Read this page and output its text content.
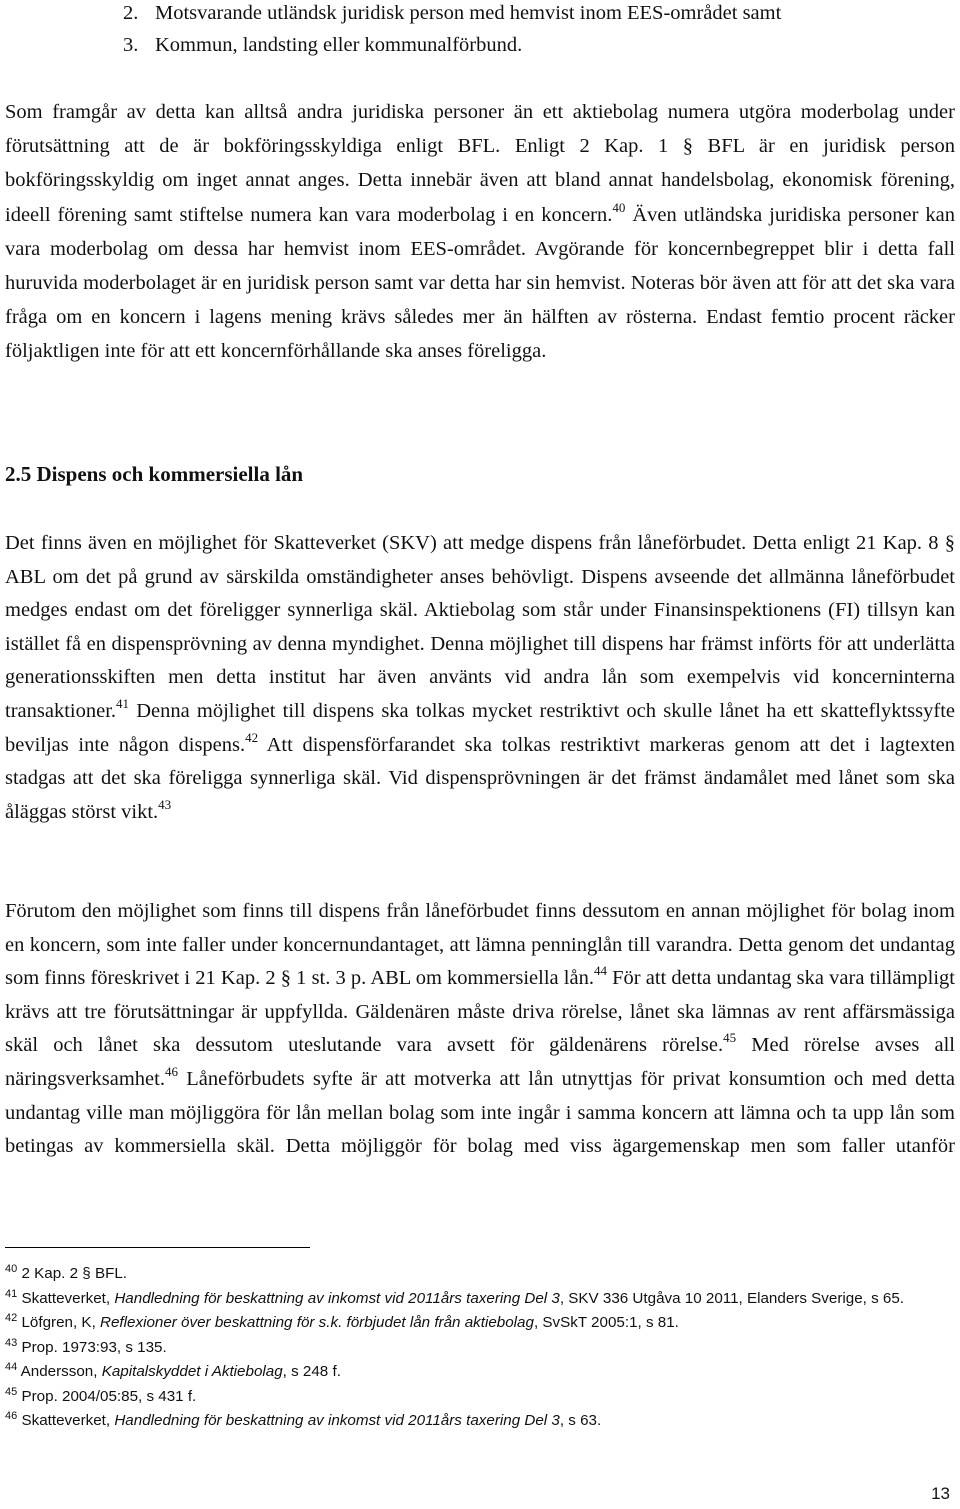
2. Motsvarande utländsk juridisk person med hemvist inom EES-området samt
3. Kommun, landsting eller kommunalförbund.

Som framgår av detta kan alltså andra juridiska personer än ett aktiebolag numera utgöra moderbolag under förutsättning att de är bokföringsskyldiga enligt BFL. Enligt 2 Kap. 1 § BFL är en juridisk person bokföringsskyldig om inget annat anges. Detta innebär även att bland annat handelsbolag, ekonomisk förening, ideell förening samt stiftelse numera kan vara moderbolag i en koncern.$^{40}$ Även utländska juridiska personer kan vara moderbolag om dessa har hemvist inom EES-området. Avgörande för koncernbegreppet blir i detta fall huruvida moderbolaget är en juridisk person samt var detta har sin hemvist. Noteras bör även att för att det ska vara fråga om en koncern i lagens mening krävs således mer än hälften av rösterna. Endast femtio procent räcker följaktligen inte för att ett koncernförhållande ska anses föreligga.

2.5 Dispens och kommersiella lån

Det finns även en möjlighet för Skatteverket (SKV) att medge dispens från låneförbudet. Detta enligt 21 Kap. 8 § ABL om det på grund av särskilda omständigheter anses behövligt. Dispens avseende det allmänna låneförbudet medges endast om det föreligger synnerliga skäl. Aktiebolag som står under Finansinspektionens (FI) tillsyn kan istället få en dispensprövning av denna myndighet. Denna möjlighet till dispens har främst införts för att underlätta generationsskiften men detta institut har även använts vid andra lån som exempelvis vid koncerninterna transaktioner.$^{41}$ Denna möjlighet till dispens ska tolkas mycket restriktivt och skulle lånet ha ett skatteflyktssyfte beviljas inte någon dispens.$^{42}$ Att dispensförfarandet ska tolkas restriktivt markeras genom att det i lagtexten stadgas att det ska föreligga synnerliga skäl. Vid dispensprövningen är det främst ändamålet med lånet som ska åläggas störst vikt.$^{43}$

Förutom den möjlighet som finns till dispens från låneförbudet finns dessutom en annan möjlighet för bolag inom en koncern, som inte faller under koncernundantaget, att lämna penninglån till varandra. Detta genom det undantag som finns föreskrivet i 21 Kap. 2 § 1 st. 3 p. ABL om kommersiella lån.$^{44}$ För att detta undantag ska vara tillämpligt krävs att tre förutsättningar är uppfyllda. Gäldenären måste driva rörelse, lånet ska lämnas av rent affärsmässiga skäl och lånet ska dessutom uteslutande vara avsett för gäldenärens rörelse.$^{45}$ Med rörelse avses all näringsverksamhet.$^{46}$ Låneförbudets syfte är att motverka att lån utnyttjas för privat konsumtion och med detta undantag ville man möjliggöra för lån mellan bolag som inte ingår i samma koncern att lämna och ta upp lån som betingas av kommersiella skäl. Detta möjliggör för bolag med viss ägargemenskap men som faller utanför

$^{40}$ 2 Kap. 2 § BFL.

$^{41}$ Skatteverket, Handledning för beskattning av inkomst vid 2011års taxering Del 3, SKV 336 Utgåva 10 2011, Elanders Sverige, s 65.

$^{42}$ Löfgren, K, Reflexioner över beskattning för s.k. förbjudet lån från aktiebolag, SvSkT 2005:1, s 81.

$^{43}$ Prop. 1973:93, s 135.

$^{44}$ Andersson, Kapitalskyddet i Aktiebolag, s 248 f.

$^{45}$ Prop. 2004/05:85, s 431 f.

$^{46}$ Skatteverket, Handledning för beskattning av inkomst vid 2011års taxering Del 3, s 63.

13
